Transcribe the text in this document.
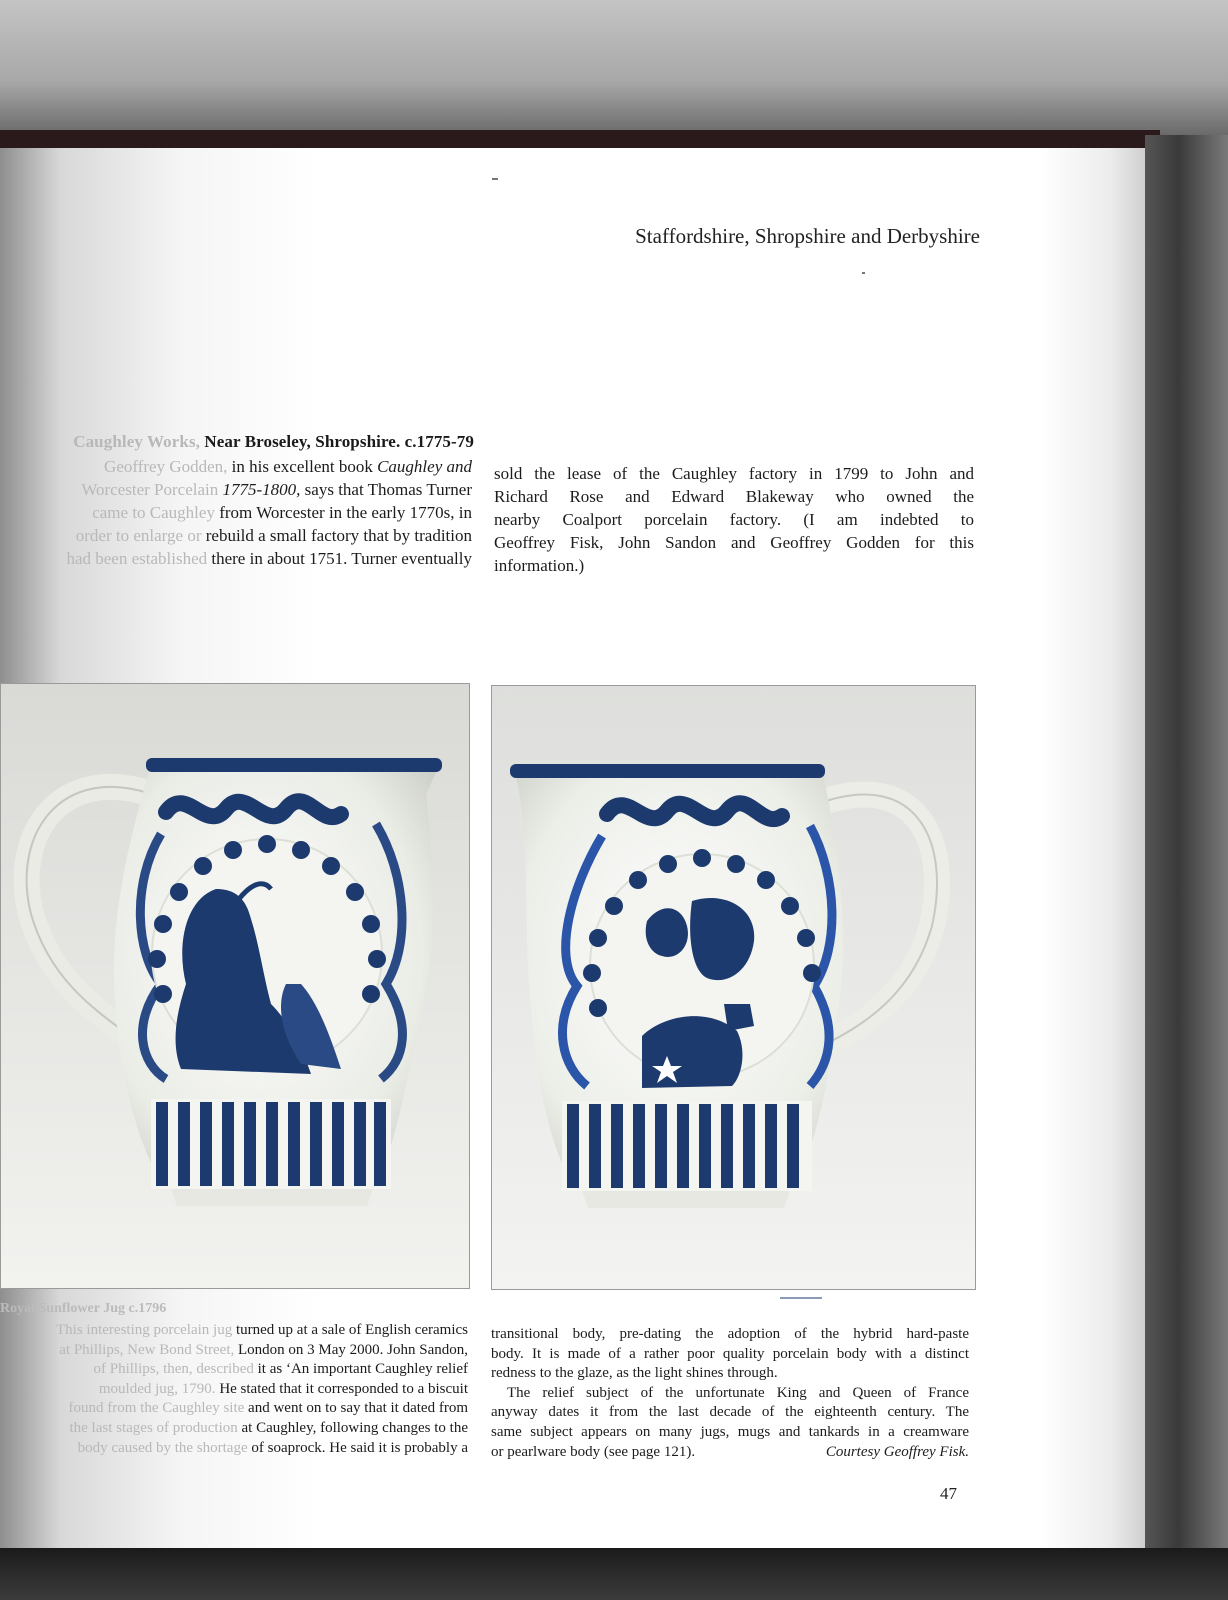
Staffordshire, Shropshire and Derbyshire
Caughley Works, Near Broseley, Shropshire. c.1775-79
Geoffrey Godden, in his excellent book Caughley and
Worcester Porcelain 1775-1800, says that Thomas Turner
came to Caughley from Worcester in the early 1770s, in
order to enlarge or rebuild a small factory that by tradition
had been established there in about 1751. Turner eventually
sold the lease of the Caughley factory in 1799 to John and
Richard Rose and Edward Blakeway who owned the
nearby Coalport porcelain factory. (I am indebted to
Geoffrey Fisk, John Sandon and Geoffrey Godden for this
information.)
Royal Sunflower Jug c.1796
This interesting porcelain jug turned up at a sale of English ceramics
at Phillips, New Bond Street, London on 3 May 2000. John Sandon,
of Phillips, then, described it as ‘An important Caughley relief
moulded jug, 1790. He stated that it corresponded to a biscuit
found from the Caughley site and went on to say that it dated from
the last stages of production at Caughley, following changes to the
body caused by the shortage of soaprock. He said it is probably a
transitional body, pre-dating the adoption of the hybrid hard-paste
body. It is made of a rather poor quality porcelain body with a distinct
redness to the glaze, as the light shines through.
The relief subject of the unfortunate King and Queen of France
anyway dates it from the last decade of the eighteenth century. The
same subject appears on many jugs, mugs and tankards in a creamware
or pearlware body (see page 121).	Courtesy Geoffrey Fisk.
47
